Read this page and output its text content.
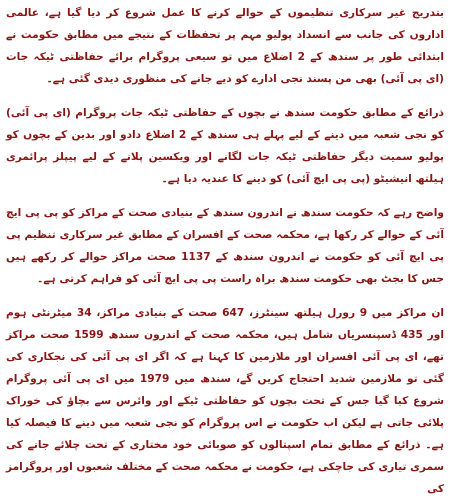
بتدریج غیر سرکاری تنظیموں کے حوالے کرنے کا عمل شروع کر دیا گیا ہے، عالمی اداروں کی جانب سے انسداد پولیو مہم پر تحفظات کے نتیجے میں مطابق حکومت نے ابتدائی طور پر سندھ کے 2 اضلاع میں تو سیعی پروگرام برائے حفاظتی ٹیکہ جات (ای پی آئی) بھی من پسند نجی ادارے کو دیے جانے کی منظوری دیدی گئی ہے۔

ذرائع کے مطابق حکومت سندھ نے بچوں کے حفاظتی ٹیکہ جات پروگرام (ای پی آئی) کو نجی شعبہ میں دینے کے لیے پہلے ہی سندھ کے 2 اضلاع دادو اور بدین کے بچوں کو پولیو سمیت دیگر حفاظتی ٹیکہ جات لگانے اور ویکسین پلانے کے لیے پیپلز پرائمری ہیلتھ انیشیٹو (پی پی ایچ آئی) کو دینے کا عندیہ دیا ہے۔

واضح رہے کہ حکومت سندھ نے اندرون سندھ کے بنیادی صحت کے مراکز کو پی پی ایچ آئی کے حوالے کر رکھا ہے، محکمہ صحت کے افسران کے مطابق غیر سرکاری تنظیم پی پی ایچ آئی کو حکومت نے اندرون سندھ کے 1137 صحت مراکز حوالے کر رکھے ہیں جس کا بجٹ بھی حکومت سندھ براہ راست پی پی ایچ آئی کو فراہم کرتی ہے۔

ان مراکز میں 9 رورل ہیلتھ سینٹرز، 647 صحت کے بنیادی مراکز، 34 میٹرنٹی ہوم اور 435 ڈسپنسریاں شامل ہیں، محکمہ صحت کے اندرون سندھ 1599 صحت مراکز تھے، ای پی آئی افسران اور ملازمین کا کہنا ہے کہ اگر ای پی آئی کی نجکاری کی گئی تو ملازمین شدید احتجاج کریں گے، سندھ میں 1979 میں ای پی آئی پروگرام شروع کیا گیا جس کے تحت بچوں کو حفاظتی ٹیکے اور وائرس سے بچاؤ کی خوراک پلائی جاتی ہے لیکن اب حکومت نے اس پروگرام کو نجی شعبہ میں دینے کا فیصلہ کیا ہے۔ ذرائع کے مطابق تمام اسپتالوں کو صوبائی خود مختاری کے تحت چلائے جانے کی سمری تیاری کی جاچکی ہے، حکومت نے محکمہ صحت کے مختلف شعبوں اور پروگرامز کی
